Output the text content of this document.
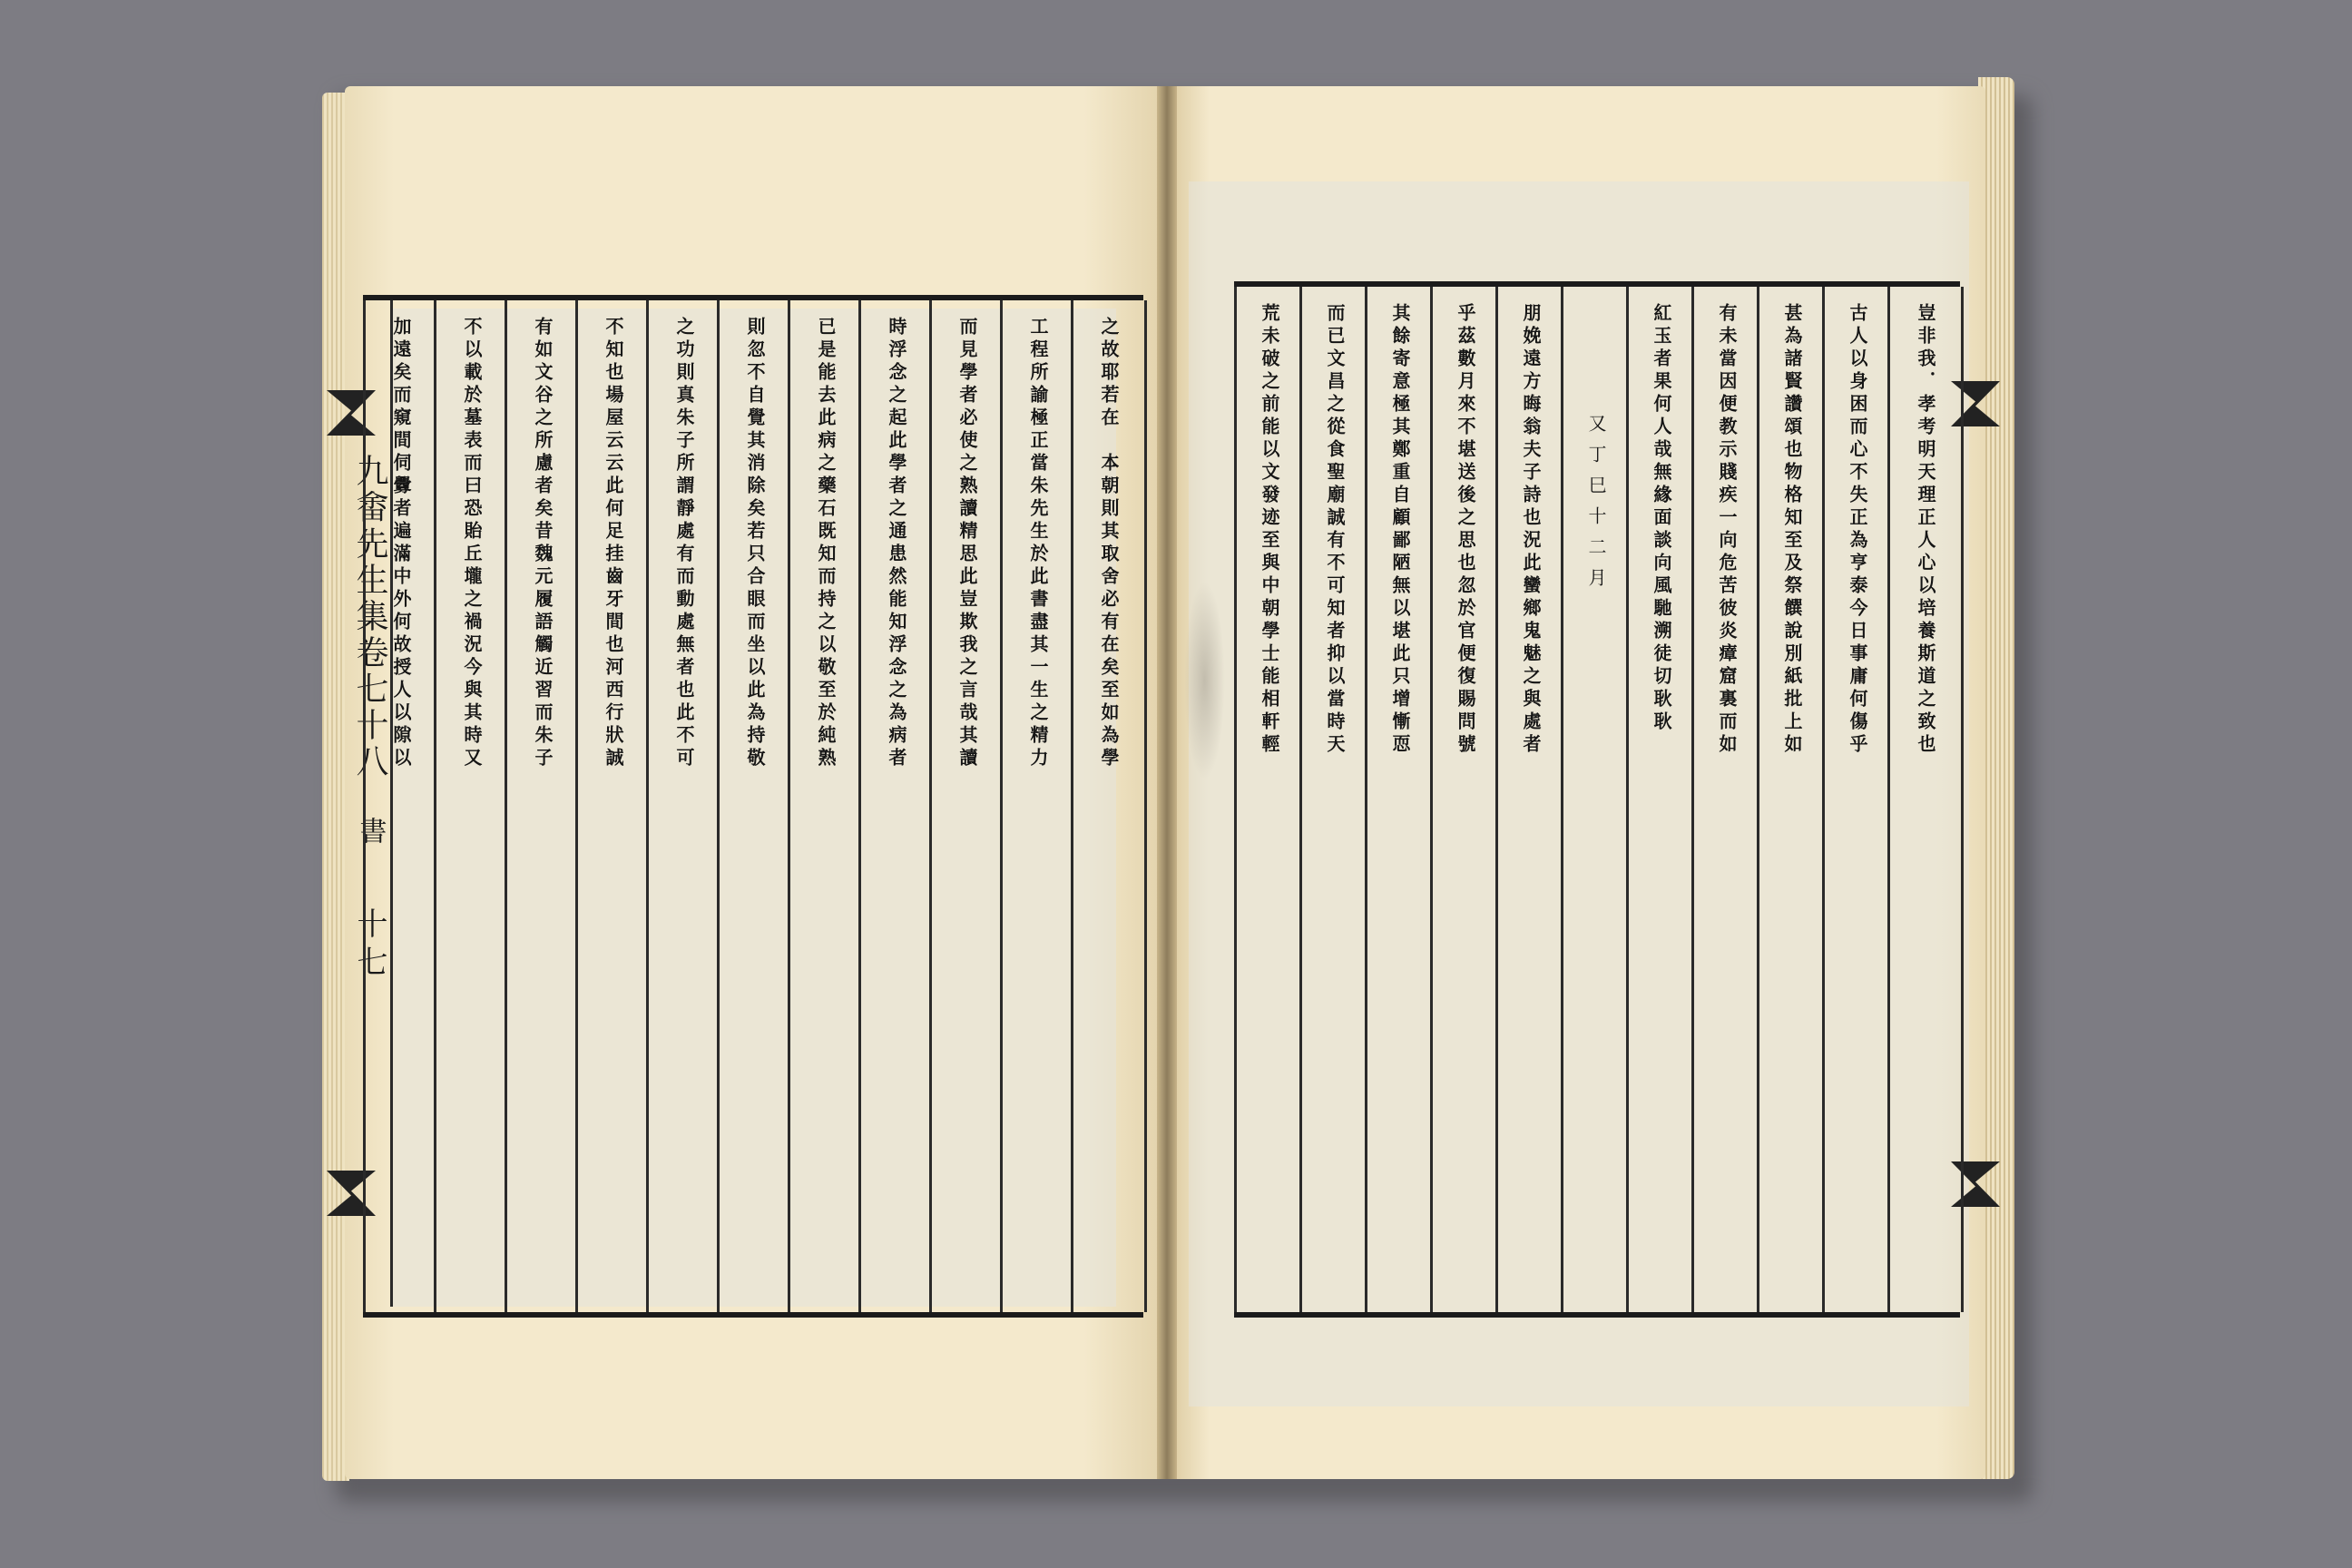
九畬先生集卷七十八
書
十七
加遠矣而窺間伺釁者遍滿中外何故授人以隙以	不以載於墓表而曰恐貽丘壠之禍況今與其時又	有如文谷之所慮者矣昔魏元履語觸近習而朱子	不知也場屋云云此何足挂齒牙間也河西行狀誠	之功則真朱子所謂靜處有而動處無者也此不可	則忽不自覺其消除矣若只合眼而坐以此為持敬	已是能去此病之藥石既知而持之以敬至於純熟	時浮念之起此學者之通患然能知浮念之為病者	而見學者必使之熟讀精思此豈欺我之言哉其讀	工程所諭極正當朱先生於此書盡其一生之精力	之故耶若在　本朝則其取舍必有在矣至如為學	荒未破之前能以文發迹至與中朝學士能相軒輕 而已文昌之從食聖廟誠有不可知者抑以當時天 其餘寄意極其鄭重自顧鄙陋無以堪此只增慚恧 乎茲數月來不堪送後之思也忽於官便復賜問號 朋娩遠方晦翁夫子詩也況此蠻鄉鬼魅之與處者 又丁巳十二月 紅玉者果何人哉無緣面談向風馳溯徒切耿耿 有未當因便教示賤疾一向危苦彼炎瘴窟裏而如 甚為諸賢讚頌也物格知至及祭饌說別紙批上如 古人以身困而心不失正為亨泰今日事庸何傷乎	豈非我．孝考明天理正人心以培養斯道之致也
